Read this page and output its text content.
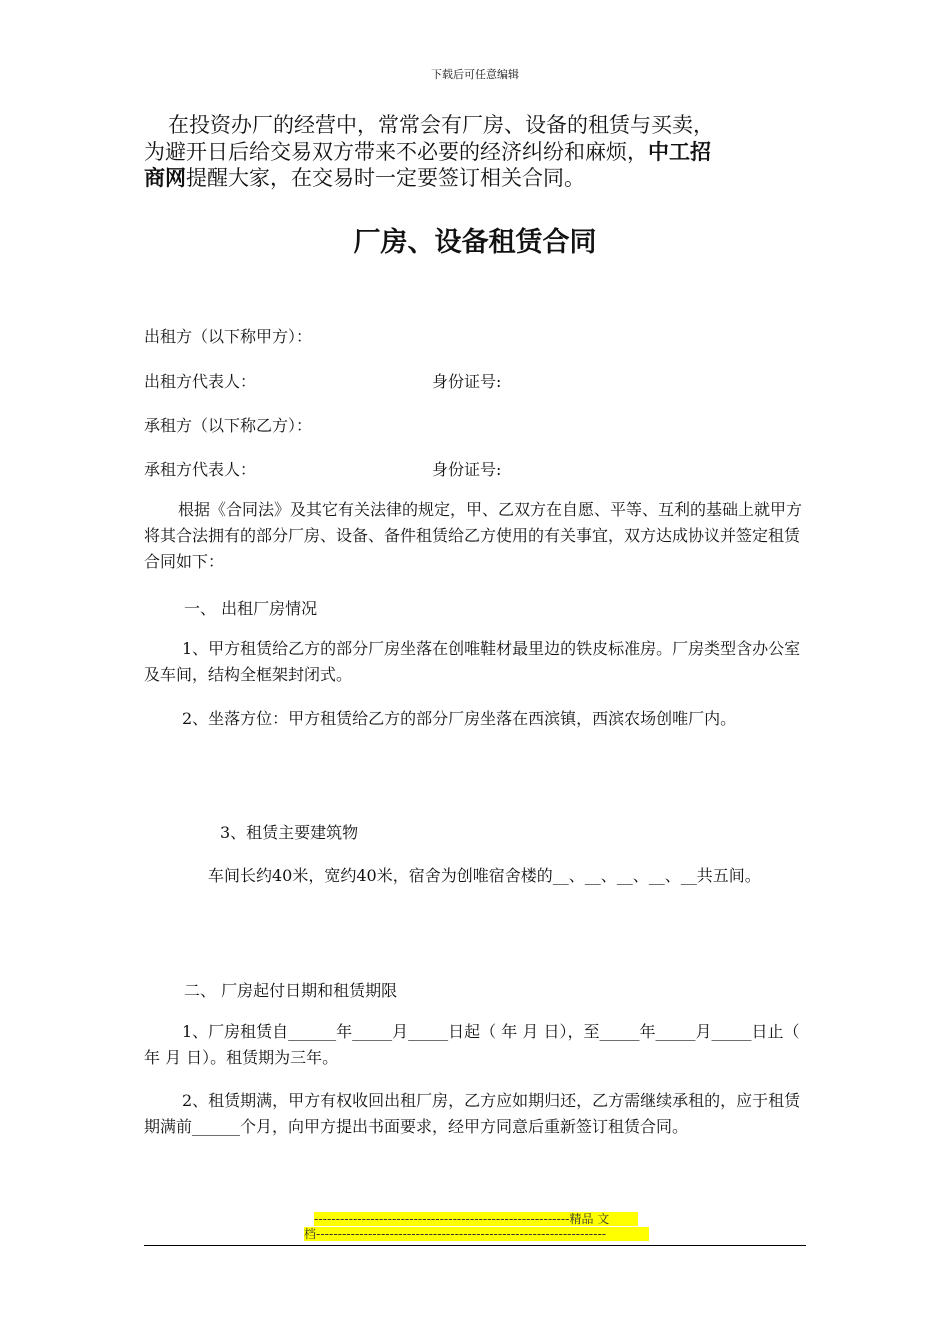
下载后可任意编辑
在投资办厂的经营中，常常会有厂房、设备的租赁与买卖，
为避开日后给交易双方带来不必要的经济纠纷和麻烦，中工招
商网提醒大家，在交易时一定要签订相关合同。
厂房、设备租赁合同
出租方（以下称甲方）：
出租方代表人：	身份证号:
承租方（以下称乙方）：
承租方代表人：	身份证号:
根据《合同法》及其它有关法律的规定，甲、乙双方在自愿、平等、互利的基础上就甲方将其合法拥有的部分厂房、设备、备件租赁给乙方使用的有关事宜，双方达成协议并签定租赁合同如下：
一、 出租厂房情况
1、甲方租赁给乙方的部分厂房坐落在创唯鞋材最里边的铁皮标准房。厂房类型含办公室及车间，结构全框架封闭式。
2、坐落方位：甲方租赁给乙方的部分厂房坐落在西滨镇，西滨农场创唯厂内。
3、租赁主要建筑物
车间长约40米，宽约40米，宿舍为创唯宿舍楼的__、__、__、__、__共五间。
二、 厂房起付日期和租赁期限
1、厂房租赁自______年_____月_____日起（ 年 月 日），至_____年_____月_____日止（ 年 月 日）。租赁期为三年。
2、租赁期满，甲方有权收回出租厂房，乙方应如期归还，乙方需继续承租的，应于租赁期满前______个月，向甲方提出书面要求，经甲方同意后重新签订租赁合同。
-----------------------------------------------------------精品 文
档-------------------------------------------------------------------
